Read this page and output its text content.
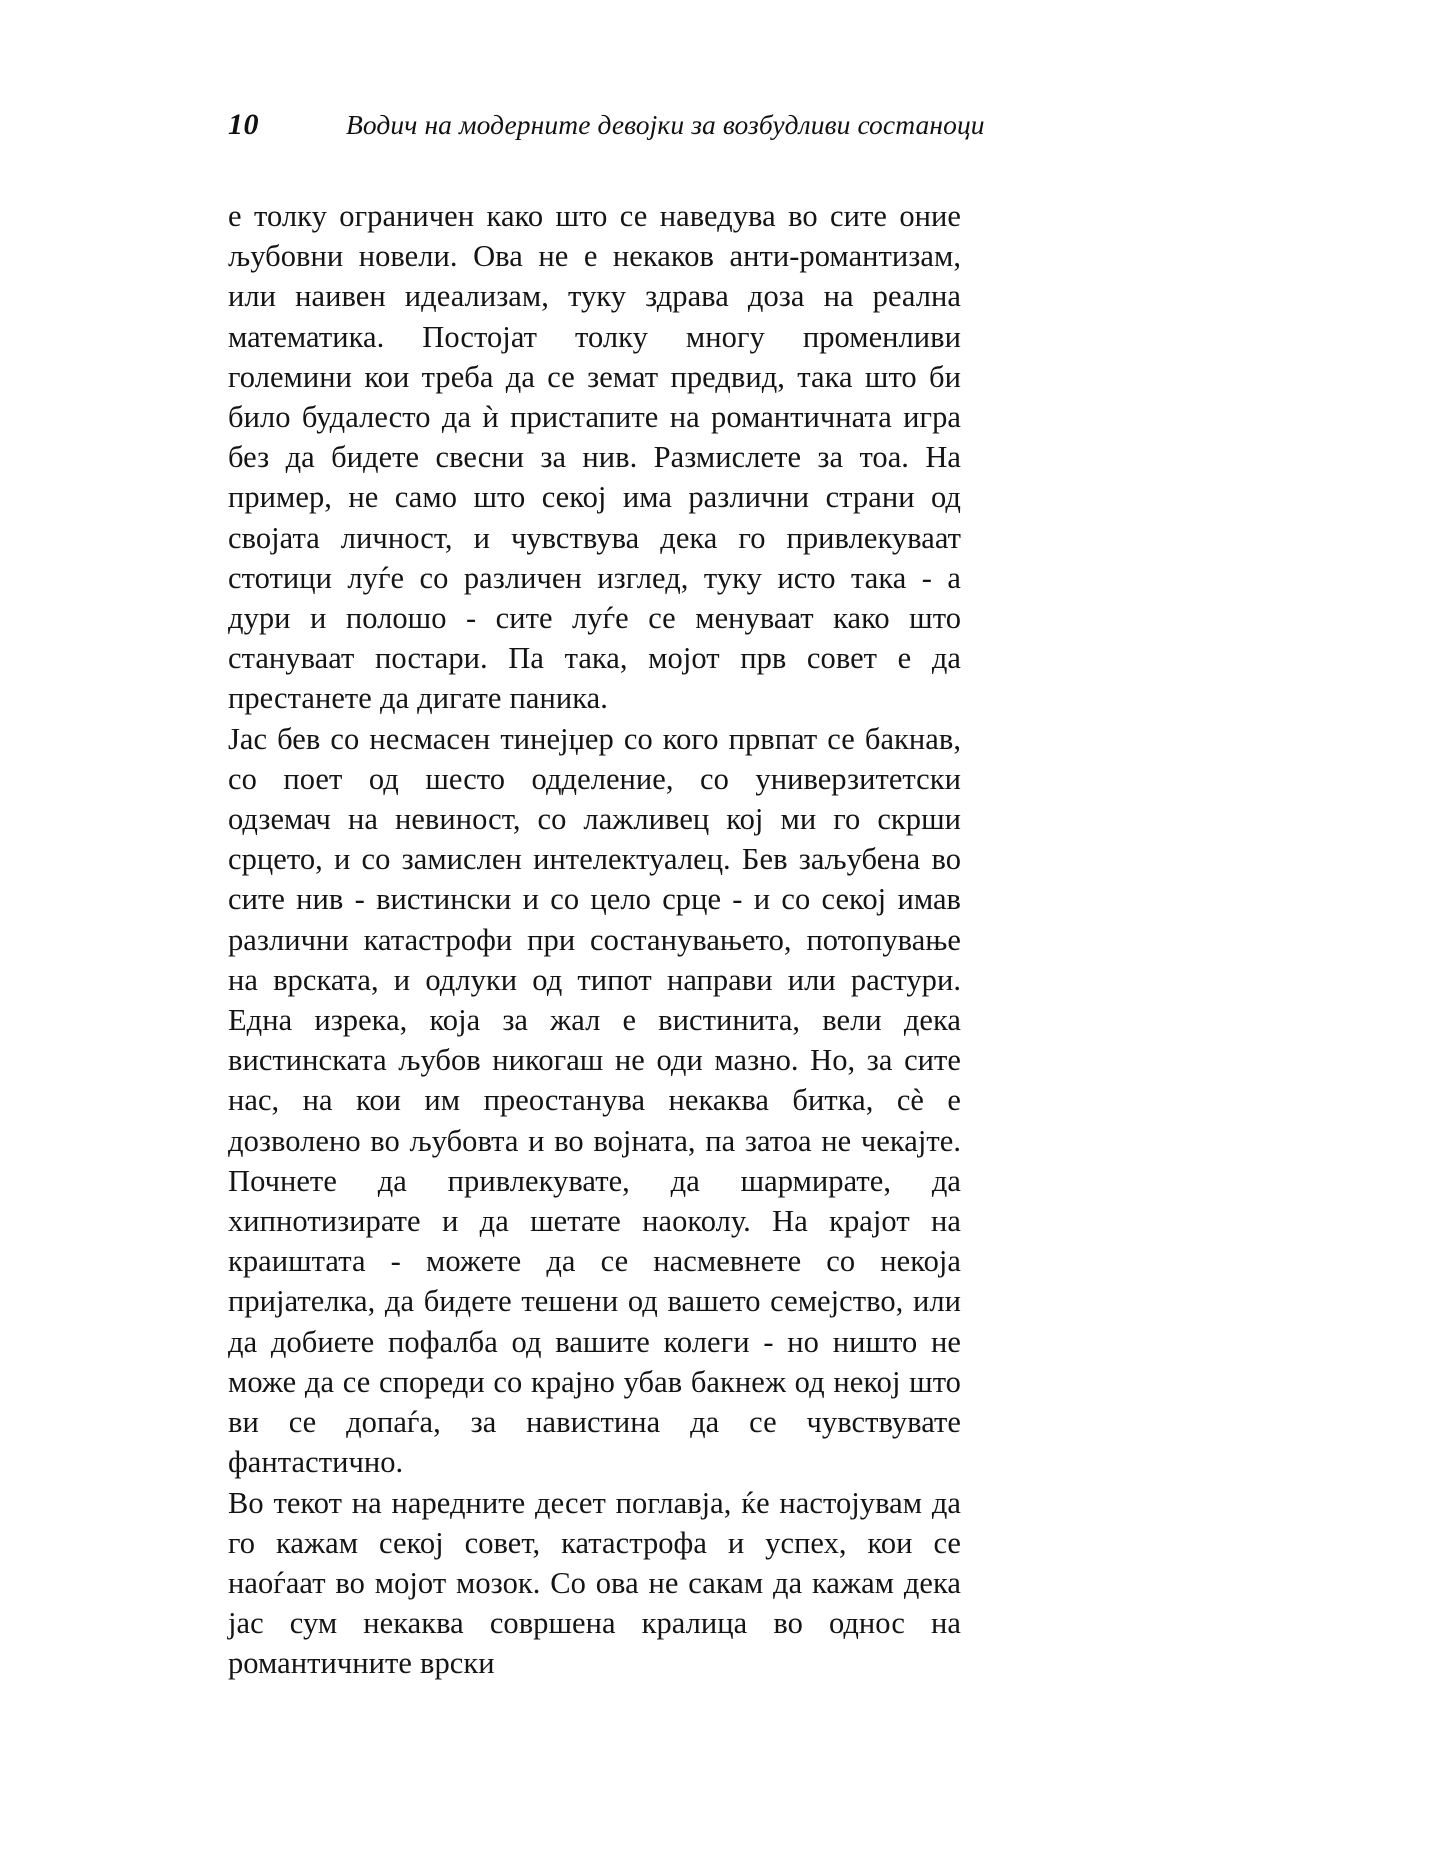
10	Водич на модерните девојки за возбудливи состаноци

е толку ограничен како што се наведува во сите оние љубовни новели. Ова не е некаков анти-романтизам, или наивен идеализам, туку здрава доза на реална математика. Постојат толку многу променливи големини кои треба да се земат предвид, така што би било будалесто да ѝ пристапите на романтичната игра без да бидете свесни за нив. Размислете за тоа. На пример, не само што секој има различни страни од својата личност, и чувствува дека го привлекуваат стотици луѓе со различен изглед, туку исто така - а дури и полошо - сите луѓе се менуваат како што стануваат постари. Па така, мојот прв совет е да престанете да дигате паника.

Јас бев со несмасен тинејџер со кого првпат се бакнав, со поет од шесто одделение, со универзитетски одземач на невиност, со лажливец кој ми го скрши срцето, и со замислен интелектуалец. Бев заљубена во сите нив - вистински и со цело срце - и со секој имав различни катастрофи при состанувањето, потопување на врската, и одлуки од типот направи или растури. Една изрека, која за жал е вистинита, вели дека вистинската љубов никогаш не оди мазно. Но, за сите нас, на кои им преостанува некаква битка, сè е дозволено во љубовта и во војната, па затоа не чекајте. Почнете да привлекувате, да шармирате, да хипнотизирате и да шетате наоколу. На крајот на краиштата - можете да се насмевнете со некоја пријателка, да бидете тешени од вашето семејство, или да добиете пофалба од вашите колеги - но ништо не може да се спореди со крајно убав бакнеж од некој што ви се допаѓа, за навистина да се чувствувате фантастично.

Во текот на наредните десет поглавја, ќе настојувам да го кажам секој совет, катастрофа и успех, кои се наоѓаат во мојот мозок. Со ова не сакам да кажам дека јас сум некаква совршена кралица во однос на романтичните врски
